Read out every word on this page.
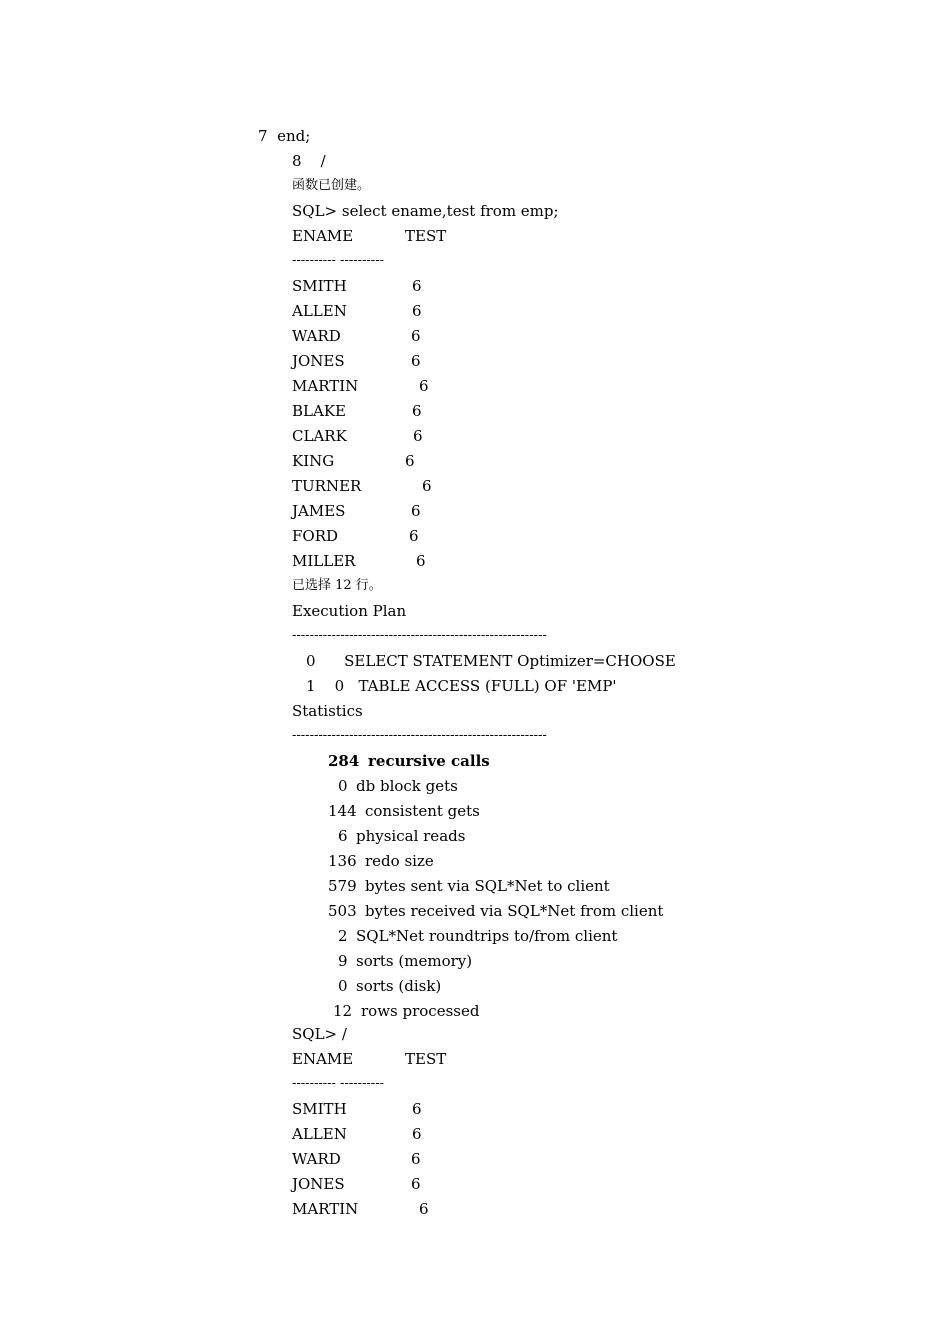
7  end;
8    /
函数已创建。
SQL> select ename,test from emp;
ENAME	TEST
---------- ----------
SMITH	6
ALLEN	6
WARD	6
JONES	6
MARTIN	6
BLAKE	6
CLARK	6
KING	6
TURNER	6
JAMES	6
FORD	6
MILLER	6
已选择 12 行。
Execution Plan
----------------------------------------------------------
0      SELECT STATEMENT Optimizer=CHOOSE
1    0   TABLE ACCESS (FULL) OF 'EMP'
Statistics
----------------------------------------------------------
284 recursive calls
0 db block gets
144 consistent gets
6 physical reads
136 redo size
579 bytes sent via SQL*Net to client
503 bytes received via SQL*Net from client
2 SQL*Net roundtrips to/from client
9 sorts (memory)
0 sorts (disk)
12 rows processed
SQL> /
ENAME	TEST
---------- ----------
SMITH	6
ALLEN	6
WARD	6
JONES	6
MARTIN	6
